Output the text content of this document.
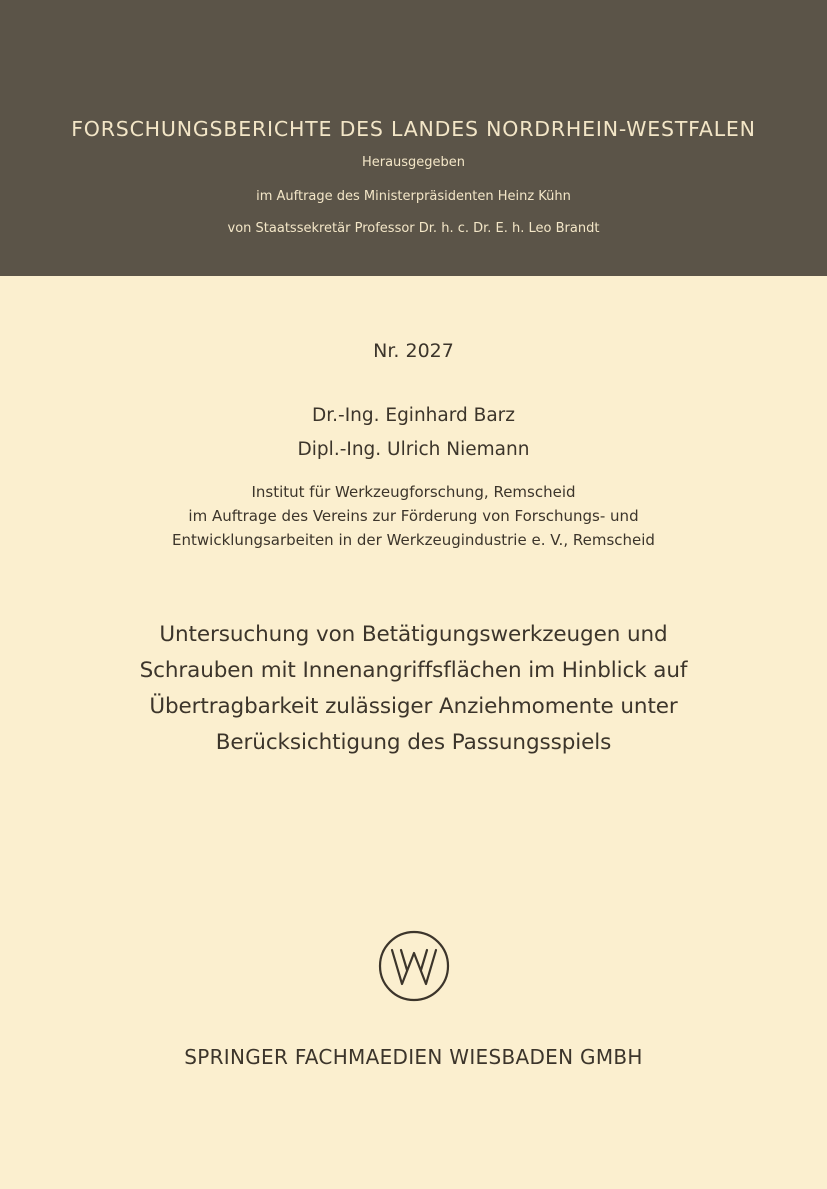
FORSCHUNGSBERICHTE DES LANDES NORDRHEIN-WESTFALEN
Herausgegeben
im Auftrage des Ministerpräsidenten Heinz Kühn
von Staatssekretär Professor Dr. h. c. Dr. E. h. Leo Brandt
Nr. 2027
Dr.-Ing. Eginhard Barz
Dipl.-Ing. Ulrich Niemann
Institut für Werkzeugforschung, Remscheid
im Auftrage des Vereins zur Förderung von Forschungs- und
Entwicklungsarbeiten in der Werkzeugindustrie e. V., Remscheid
Untersuchung von Betätigungswerkzeugen und
Schrauben mit Innenangriffsflächen im Hinblick auf
Übertragbarkeit zulässiger Anziehmomente unter
Berücksichtigung des Passungsspiels
SPRINGER FACHMAEDIEN WIESBADEN GMBH
